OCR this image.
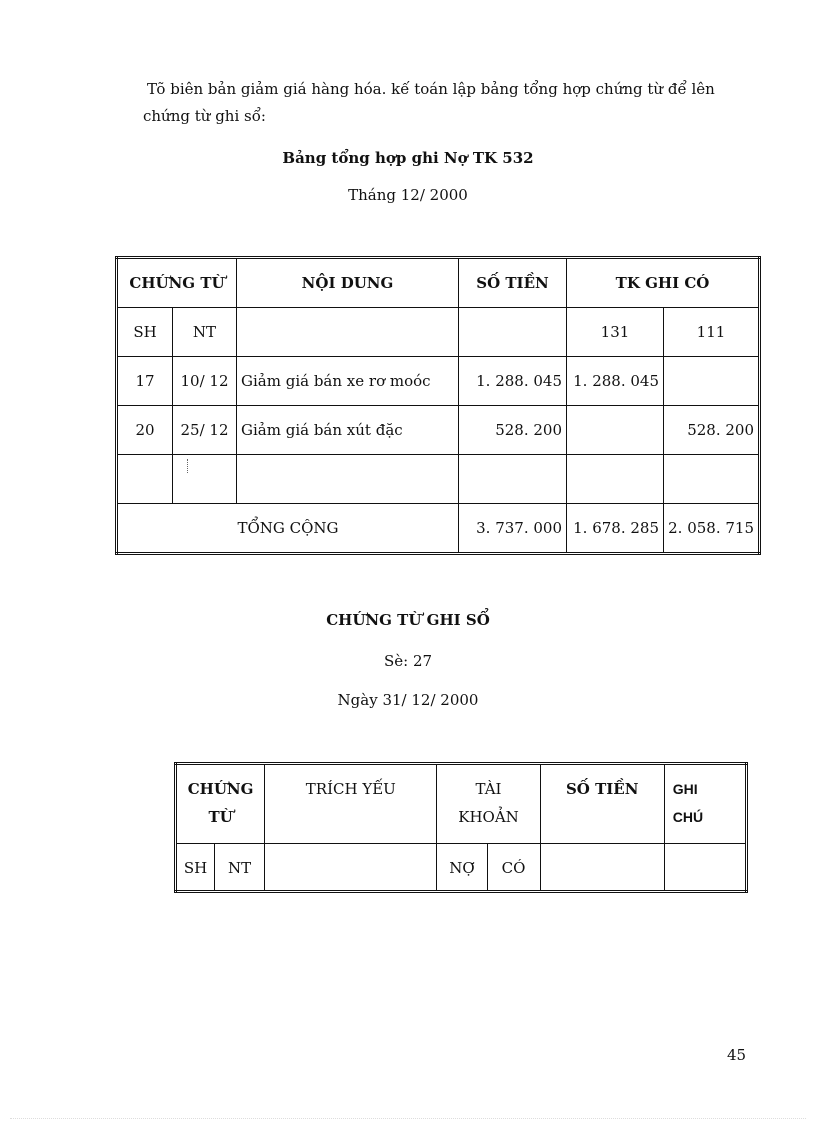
Tõ biên bản giảm giá hàng hóa. kế toán lập bảng tổng hợp chứng từ để lên chứng từ ghi sổ:

Bảng tổng hợp ghi Nợ TK 532
Tháng 12/ 2000
CHỨNG TỪ		NỘI DUNG	SỐ TIỀN	TK GHI CÓ	
SH	NT			131	111
17	10/ 12	Giảm giá bán xe rơ moóc	1. 288. 045	1. 288. 045	
20	25/ 12	Giảm giá bán xút đặc	528. 200		528. 200

TỔNG CỘNG			3. 737. 000	1. 678. 285	2. 058. 715
CHỨNG TỪ GHI SỔ
Sè: 27
Ngày 31/ 12/ 2000
CHỨNG TỪ		TRÍCH YẾU	TÀI KHOẢN		SỐ TIỀN	GHI CHÚ
SH	NT		NỢ	CÓ		
45
